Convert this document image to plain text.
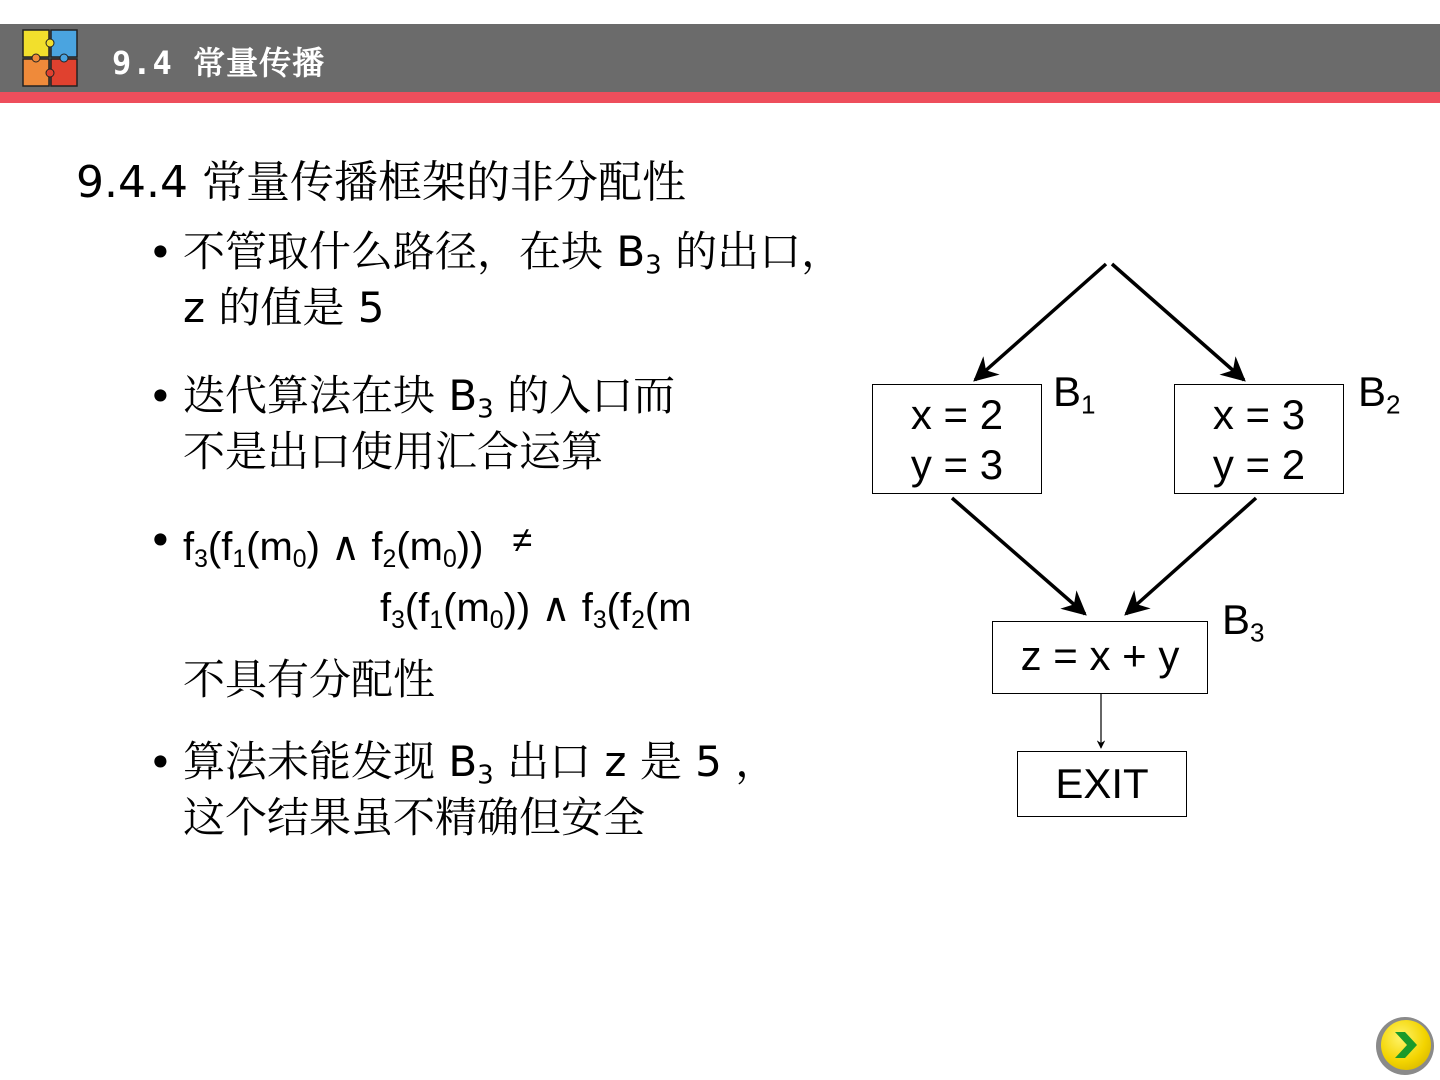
9.4 常量传播
9.4.4 常量传播框架的非分配性
• 不管取什么路径，在块 $B_3$ 的出口，
z 的值是 5
• 迭代算法在块 $B_3$ 的入口而
不是出口使用汇合运算
• $f_3(f_1(m_0)$ ∧ $f_2(m_0)$) ≠
$f_3(f_1(m_0))$ ∧ $f_3(f_2(m$
不具有分配性
• 算法未能发现 $B_3$ 出口 z 是 5 ，
这个结果虽不精确但安全
x = 2
y = 3
$B_1$	x = 3
y = 2
$B_2$
z = x + y
$B_3$
EXIT
